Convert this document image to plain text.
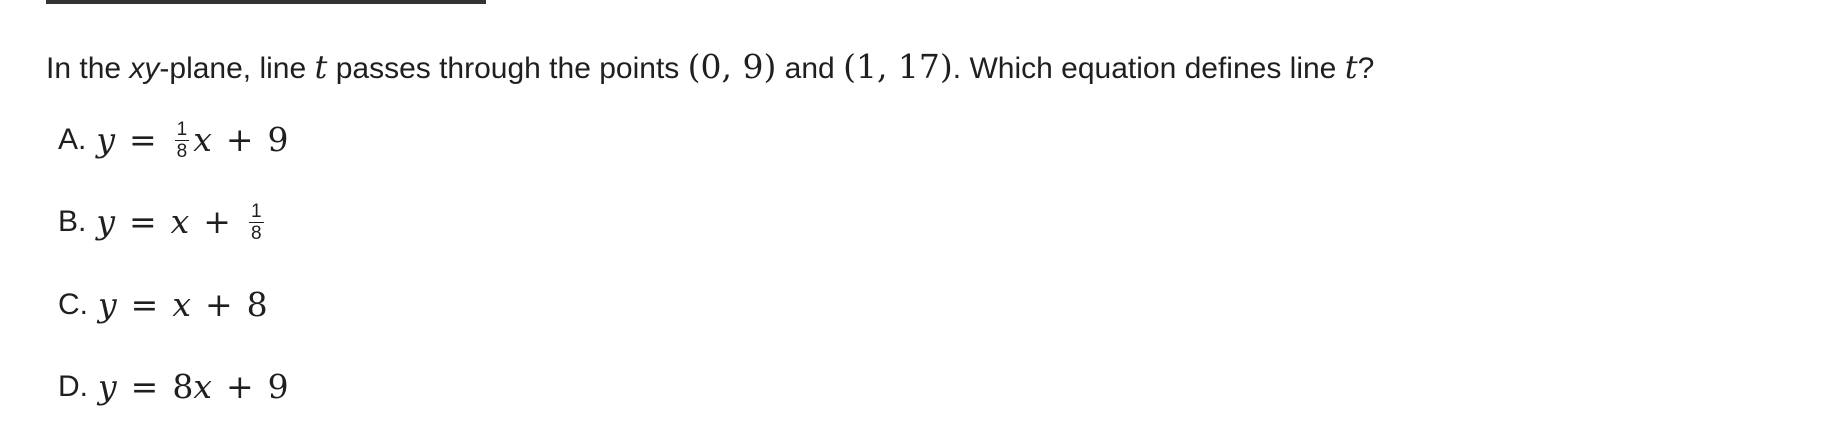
In the xy-plane, line t passes through the points (0, 9) and (1, 17). Which equation defines line t?
A. $y = \frac{1}{8}$ x + 9
B. $y = x + \frac{1}{8}$
C. y = x + 8
D. y = 8 x + 9
